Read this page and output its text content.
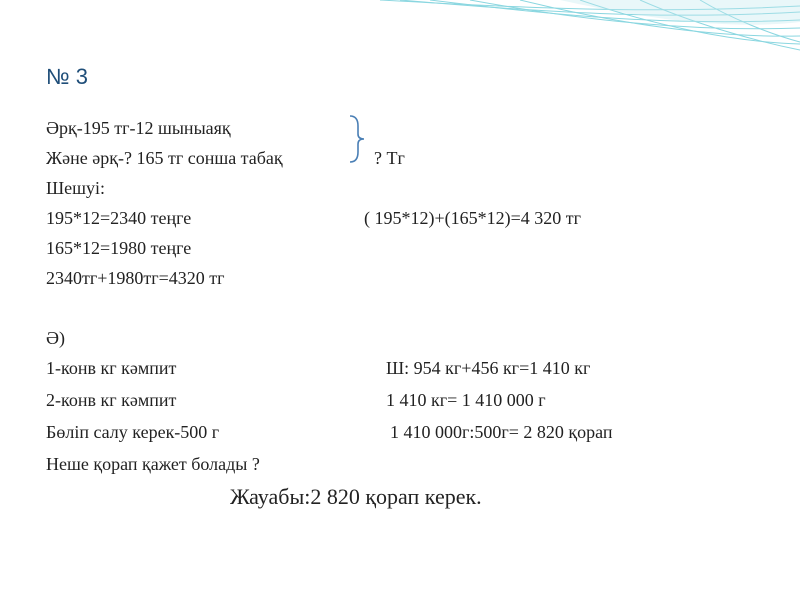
№ 3
Әрқ-195 тг-12 шыныаяқ
Және әрқ-? 165 тг сонша табақ	? Тг
Шешуі:
195*12=2340 теңге	( 195*12)+(165*12)=4 320 тг
165*12=1980 теңге
2340тг+1980тг=4320 тг
Ә)
1-конв кг кәмпит	Ш: 954 кг+456 кг=1 410 кг
2-конв кг кәмпит	1 410 кг= 1 410 000 г
Бөліп салу керек-500 г	1 410 000г:500г= 2 820 қорап
Неше қорап қажет болады ?
Жауабы:2 820 қорап керек.
